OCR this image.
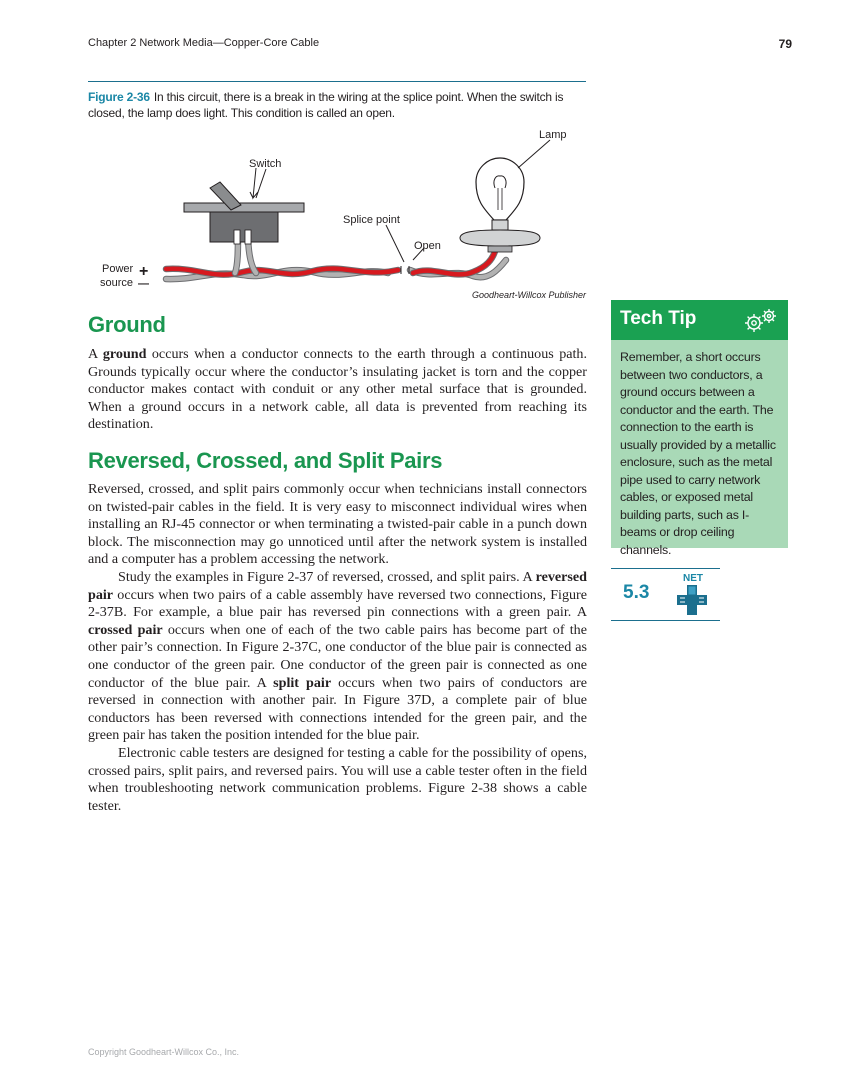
Chapter 2 Network Media—Copper-Core Cable	79
Figure 2-36 In this circuit, there is a break in the wiring at the splice point. When the switch is closed, the lamp does light. This condition is called an open.
Switch
Splice point
Open
Lamp
Power
source
+
—
Goodheart-Willcox Publisher
Ground

A ground occurs when a conductor connects to the earth through a continuous path. Grounds typically occur where the conductor’s insulating jacket is torn and the copper conductor makes contact with conduit or any other metal surface that is grounded. When a ground occurs in a network cable, all data is prevented from reaching its destination.

Reversed, Crossed, and Split Pairs

Reversed, crossed, and split pairs commonly occur when technicians install connectors on twisted-pair cables in the field. It is very easy to misconnect individual wires when installing an RJ-45 connector or when terminating a twisted-pair cable in a punch down block. The misconnection may go unnoticed until after the network system is installed and a computer has a problem accessing the network.

Study the examples in Figure 2-37 of reversed, crossed, and split pairs. A reversed pair occurs when two pairs of a cable assembly have reversed two connections, Figure 2-37B. For example, a blue pair has reversed pin connections with a green pair. A crossed pair occurs when one of each of the two cable pairs has become part of the other pair’s connection. In Figure 2-37C, one conductor of the blue pair is connected as one conductor of the green pair. One conductor of the green pair is connected as one conductor of the blue pair. A split pair occurs when two pairs of conductors are reversed in connection with another pair. In Figure 37D, a complete pair of blue conductors has been reversed with connections intended for the green pair, and the green pair has taken the position intended for the blue pair.

Electronic cable testers are designed for testing a cable for the possibility of opens, crossed pairs, split pairs, and reversed pairs. You will use a cable tester often in the field when troubleshooting network communication problems. Figure 2-38 shows a cable tester.

Tech Tip
Remember, a short occurs between two conductors, a ground occurs between a conductor and the earth. The connection to the earth is usually provided by a metallic enclosure, such as the metal pipe used to carry network cables, or exposed metal building parts, such as I-beams or drop ceiling channels.
5.3
NET
Copyright Goodheart-Willcox Co., Inc.
